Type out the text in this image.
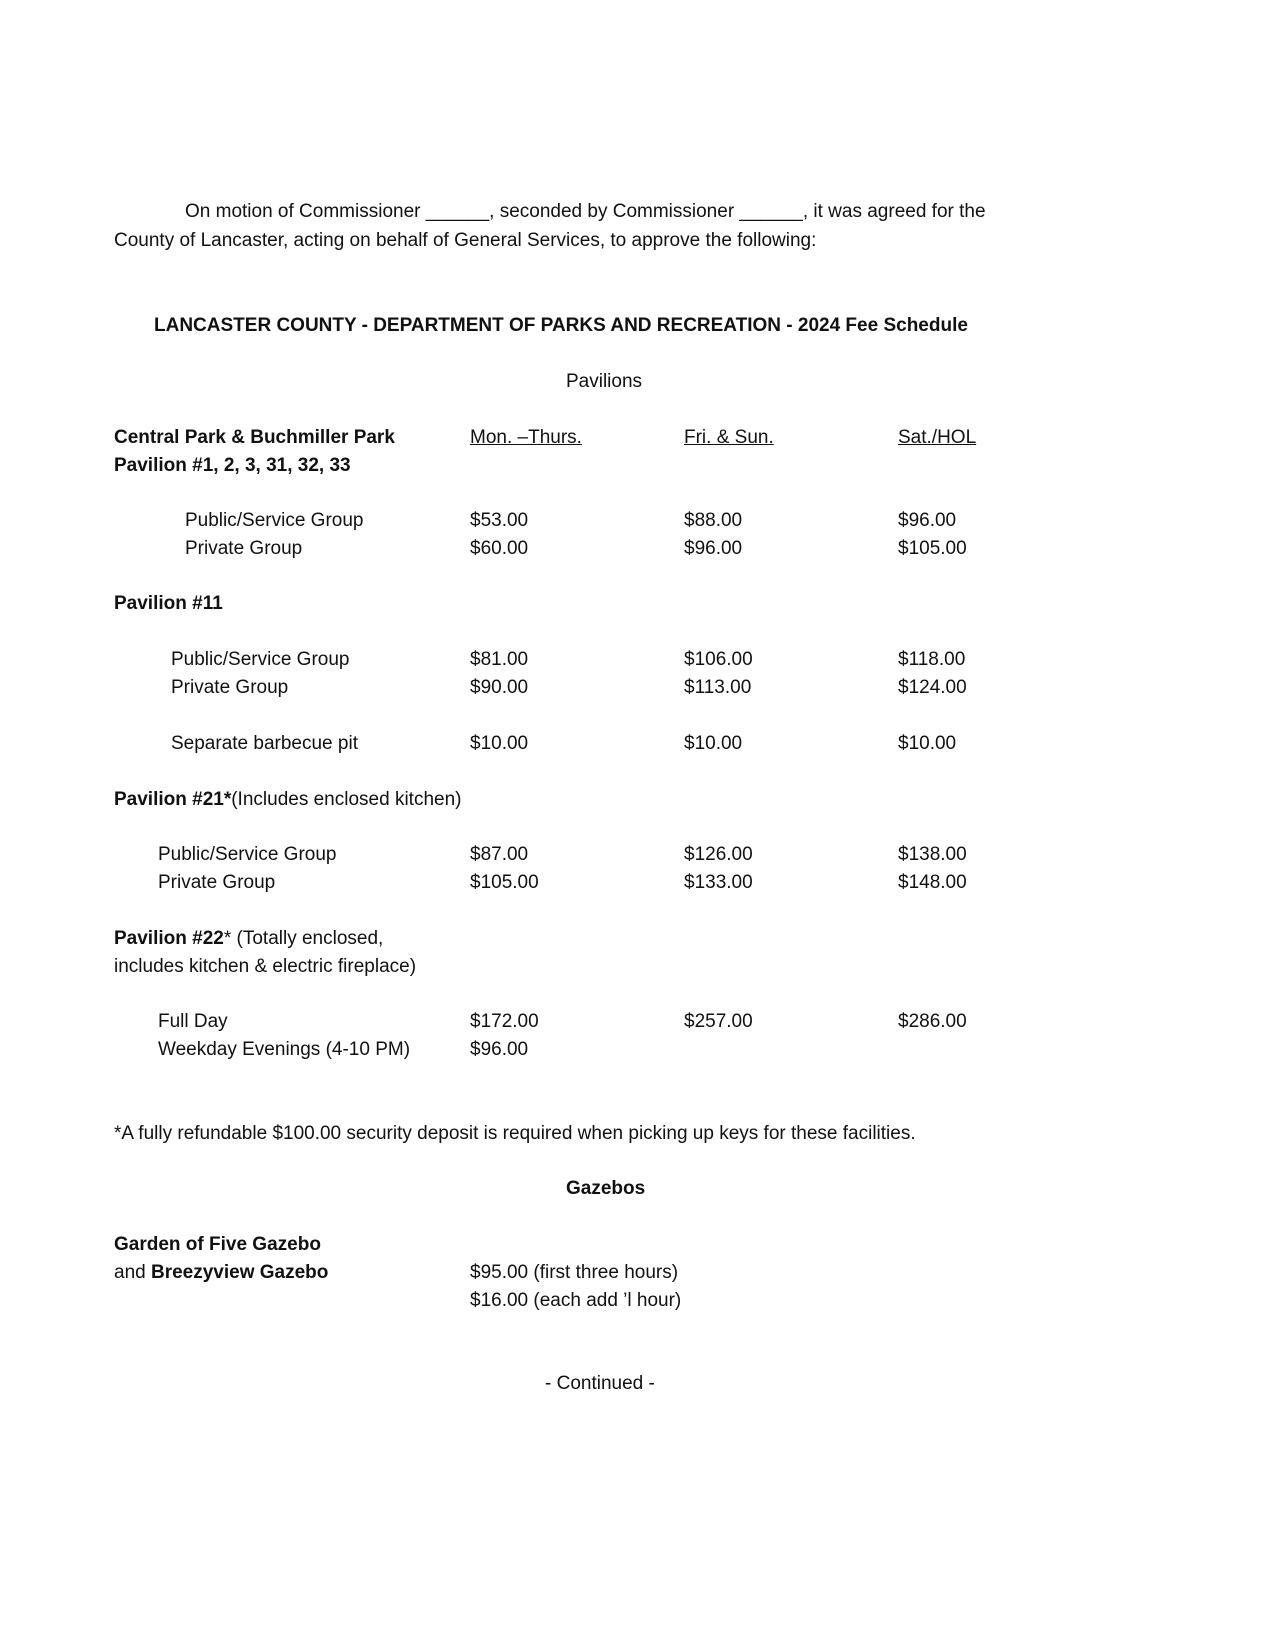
On motion of Commissioner ______, seconded by Commissioner ______, it was agreed for the
County of Lancaster, acting on behalf of General Services, to approve the following:
LANCASTER COUNTY - DEPARTMENT OF PARKS AND RECREATION - 2024 Fee Schedule
Pavilions
Central Park & Buchmiller Park
Pavilion #1, 2, 3, 31, 32, 33
Mon. –Thurs.	Fri. & Sun.	Sat./HOL
Public/Service Group	$53.00	$88.00	$96.00
Private Group	$60.00	$96.00	$105.00
Pavilion #11
Public/Service Group	$81.00	$106.00	$118.00
Private Group	$90.00	$113.00	$124.00
Separate barbecue pit	$10.00	$10.00	$10.00
Pavilion #21*(Includes enclosed kitchen)
Public/Service Group	$87.00	$126.00	$138.00
Private Group	$105.00	$133.00	$148.00
Pavilion #22* (Totally enclosed,
includes kitchen & electric fireplace)
Full Day	$172.00	$257.00	$286.00
Weekday Evenings (4-10 PM)	$96.00
*A fully refundable $100.00 security deposit is required when picking up keys for these facilities.
Gazebos
Garden of Five Gazebo
and Breezyview Gazebo	$95.00 (first three hours)
$16.00 (each add ’l hour)
- Continued -
